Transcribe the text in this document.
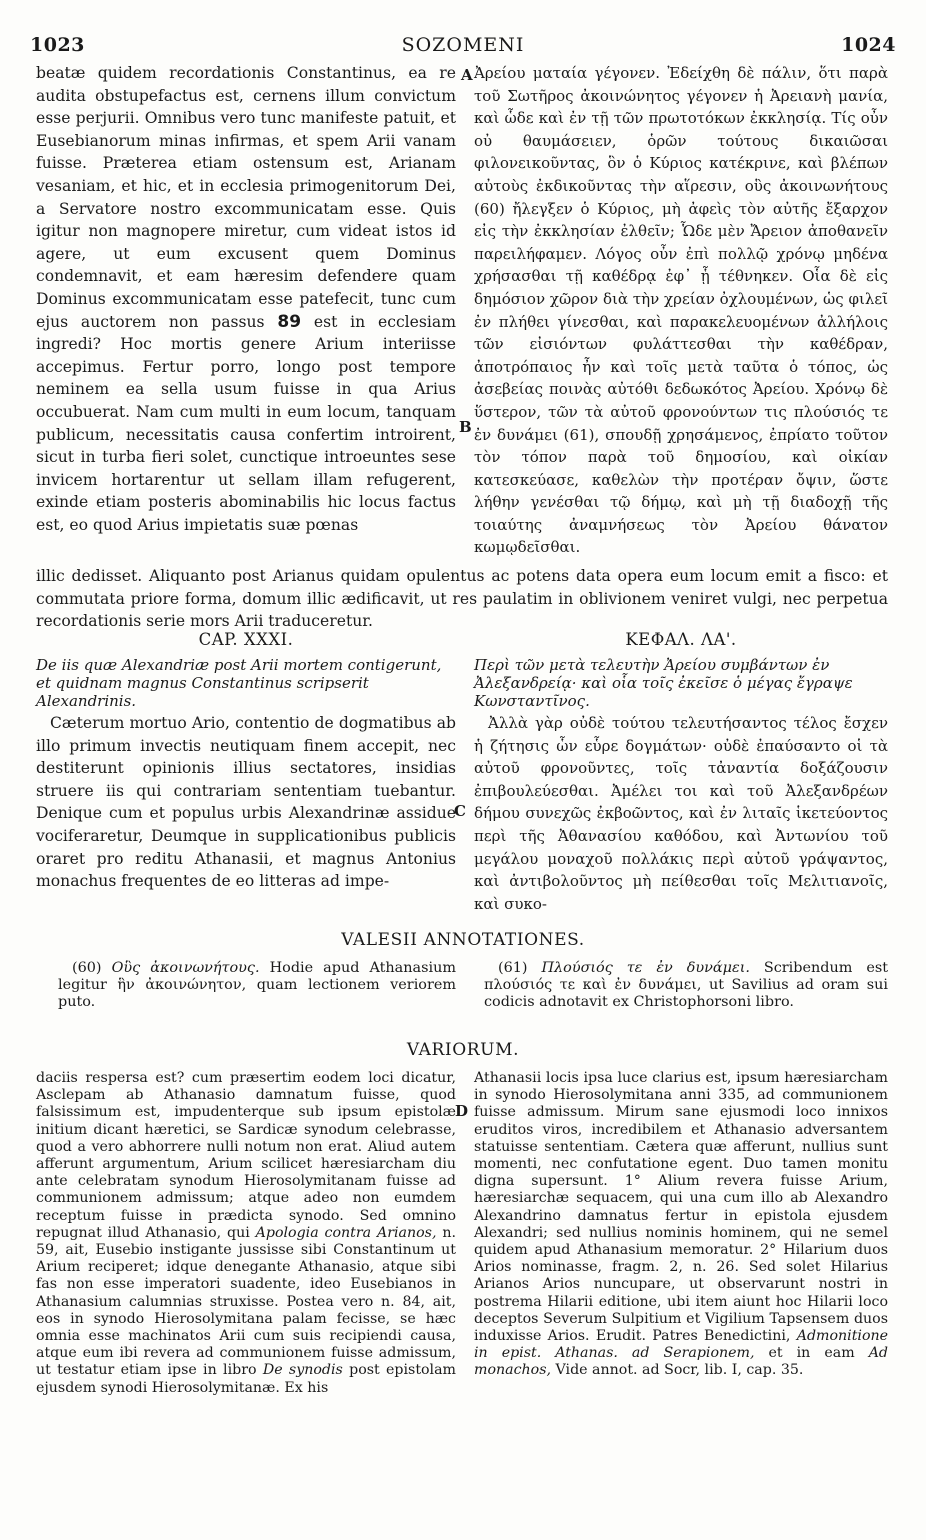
1023	SOZOMENI	1024

beatæ quidem recordationis Constantinus, ea re audita obstupefactus est, cernens illum convictum esse perjurii. Omnibus vero tunc manifeste patuit, et Eusebianorum minas infirmas, et spem Arii vanam fuisse. Præterea etiam ostensum est, Arianam vesaniam, et hic, et in ecclesia primogenitorum Dei, a Servatore nostro excommunicatam esse. Quis igitur non magnopere miretur, cum videat istos id agere, ut eum excusent quem Dominus condemnavit, et eam hæresim defendere quam Dominus excommunicatam esse patefecit, tunc cum ejus auctorem non passus 89 est in ecclesiam ingredi? Hoc mortis genere Arium interiisse accepimus. Fertur porro, longo post tempore neminem ea sella usum fuisse in qua Arius occubuerat. Nam cum multi in eum locum, tanquam publicum, necessitatis causa confertim introirent, sicut in turba fieri solet, cunctique introeuntes sese invicem hortarentur ut sellam illam refugerent, exinde etiam posteris abominabilis hic locus factus est, eo quod Arius impietatis suæ pœnas

A
B

Ἀρείου ματαία γέγονεν. Ἐδείχθη δὲ πάλιν, ὅτι παρὰ τοῦ Σωτῆρος ἀκοινώνητος γέγονεν ἡ Ἀρειανὴ μανία, καὶ ὧδε καὶ ἐν τῇ τῶν πρωτοτόκων ἐκκλησίᾳ. Τίς οὖν οὐ θαυμάσειεν, ὁρῶν τούτους δικαιῶσαι φιλονεικοῦντας, ὃν ὁ Κύριος κατέκρινε, καὶ βλέπων αὐτοὺς ἐκδικοῦντας τὴν αἵρεσιν, οὓς ἀκοινωνήτους (60) ἤλεγξεν ὁ Κύριος, μὴ ἀφεὶς τὸν αὐτῆς ἔξαρχον εἰς τὴν ἐκκλησίαν ἐλθεῖν; Ὧδε μὲν Ἄρειον ἀποθανεῖν παρειλήφαμεν. Λόγος οὖν ἐπὶ πολλῷ χρόνῳ μηδένα χρήσασθαι τῇ καθέδρᾳ ἐφ᾽ ᾗ τέθνηκεν. Οἷα δὲ εἰς δημόσιον χῶρον διὰ τὴν χρείαν ὀχλουμένων, ὡς φιλεῖ ἐν πλήθει γίνεσθαι, καὶ παρακελευομένων ἀλλήλοις τῶν εἰσιόντων φυλάττεσθαι τὴν καθέδραν, ἀποτρόπαιος ἦν καὶ τοῖς μετὰ ταῦτα ὁ τόπος, ὡς ἀσεβείας ποινὰς αὐτόθι δεδωκότος Ἀρείου. Χρόνῳ δὲ ὕστερον, τῶν τὰ αὐτοῦ φρονούντων τις πλούσιός τε ἐν δυνάμει (61), σπουδῇ χρησάμενος, ἐπρίατο τοῦτον τὸν τόπον παρὰ τοῦ δημοσίου, καὶ οἰκίαν κατεσκεύασε, καθελὼν τὴν προτέραν ὄψιν, ὥστε λήθην γενέσθαι τῷ δήμῳ, καὶ μὴ τῇ διαδοχῇ τῆς τοιαύτης ἀναμνήσεως τὸν Ἀρείου θάνατον κωμῳδεῖσθαι.

illic dedisset. Aliquanto post Arianus quidam opulentus ac potens data opera eum locum emit a fisco: et commutata priore forma, domum illic ædificavit, ut res paulatim in oblivionem veniret vulgi, nec perpetua recordationis serie mors Arii traduceretur.

CAP. XXXI.	ΚΕΦΑΛ. ΛΑ'.

De iis quæ Alexandriæ post Arii mortem contigerunt, et quidnam magnus Constantinus scripserit Alexandrinis.

Περὶ τῶν μετὰ τελευτὴν Ἀρείου συμβάντων ἐν Ἀλεξανδρείᾳ· καὶ οἷα τοῖς ἐκεῖσε ὁ μέγας ἔγραψε Κωνσταντῖνος.

Cæterum mortuo Ario, contentio de dogmatibus ab illo primum invectis neutiquam finem accepit, nec destiterunt opinionis illius sectatores, insidias struere iis qui contrariam sententiam tuebantur. Denique cum et populus urbis Alexandrinæ assidue vociferaretur, Deumque in supplicationibus publicis oraret pro reditu Athanasii, et magnus Antonius monachus frequentes de eo litteras ad impe-

C

Ἀλλὰ γὰρ οὐδὲ τούτου τελευτήσαντος τέλος ἔσχεν ἡ ζήτησις ὧν εὗρε δογμάτων· οὐδὲ ἐπαύσαντο οἱ τὰ αὐτοῦ φρονοῦντες, τοῖς τἀναντία δοξάζουσιν ἐπιβουλεύεσθαι. Ἀμέλει τοι καὶ τοῦ Ἀλεξανδρέων δήμου συνεχῶς ἐκβοῶντος, καὶ ἐν λιταῖς ἱκετεύοντος περὶ τῆς Ἀθανασίου καθόδου, καὶ Ἀντωνίου τοῦ μεγάλου μοναχοῦ πολλάκις περὶ αὐτοῦ γράψαντος, καὶ ἀντιβολοῦντος μὴ πείθεσθαι τοῖς Μελιτιανοῖς, καὶ συκο-

VALESII ANNOTATIONES.

(60) Οὓς ἀκοινωνήτους. Hodie apud Athanasium legitur ἣν ἀκοινώνητον, quam lectionem veriorem puto.

(61) Πλούσιός τε ἐν δυνάμει. Scribendum est πλούσιός τε καὶ ἐν δυνάμει, ut Savilius ad oram sui codicis adnotavit ex Christophorsoni libro.

VARIORUM.

daciis respersa est? cum præsertim eodem loci dicatur, Asclepam ab Athanasio damnatum fuisse, quod falsissimum est, impudenterque sub ipsum epistolæ initium dicant hæretici, se Sardicæ synodum celebrasse, quod a vero abhorrere nulli notum non erat. Aliud autem afferunt argumentum, Arium scilicet hæresiarcham diu ante celebratam synodum Hierosolymitanam fuisse ad communionem admissum; atque adeo non eumdem receptum fuisse in prædicta synodo. Sed omnino repugnat illud Athanasio, qui Apologia contra Arianos, n. 59, ait, Eusebio instigante jussisse sibi Constantinum ut Arium reciperet; idque denegante Athanasio, atque sibi fas non esse imperatori suadente, ideo Eusebianos in Athanasium calumnias struxisse. Postea vero n. 84, ait, eos in synodo Hierosolymitana palam fecisse, se hæc omnia esse machinatos Arii cum suis recipiendi causa, atque eum ibi revera ad communionem fuisse admissum, ut testatur etiam ipse in libro De synodis post epistolam ejusdem synodi Hierosolymitanæ. Ex his

D

Athanasii locis ipsa luce clarius est, ipsum hæresiarcham in synodo Hierosolymitana anni 335, ad communionem fuisse admissum. Mirum sane ejusmodi loco innixos eruditos viros, incredibilem et Athanasio adversantem statuisse sententiam. Cætera quæ afferunt, nullius sunt momenti, nec confutatione egent. Duo tamen monitu digna supersunt. 1° Alium revera fuisse Arium, hæresiarchæ sequacem, qui una cum illo ab Alexandro Alexandrino damnatus fertur in epistola ejusdem Alexandri; sed nullius nominis hominem, qui ne semel quidem apud Athanasium memoratur. 2° Hilarium duos Arios nominasse, fragm. 2, n. 26. Sed solet Hilarius Arianos Arios nuncupare, ut observarunt nostri in postrema Hilarii editione, ubi item aiunt hoc Hilarii loco deceptos Severum Sulpitium et Vigilium Tapsensem duos induxisse Arios. Erudit. Patres Benedictini, Admonitione in epist. Athanas. ad Serapionem, et in eam Ad monachos, Vide annot. ad Socr, lib. I, cap. 35.
